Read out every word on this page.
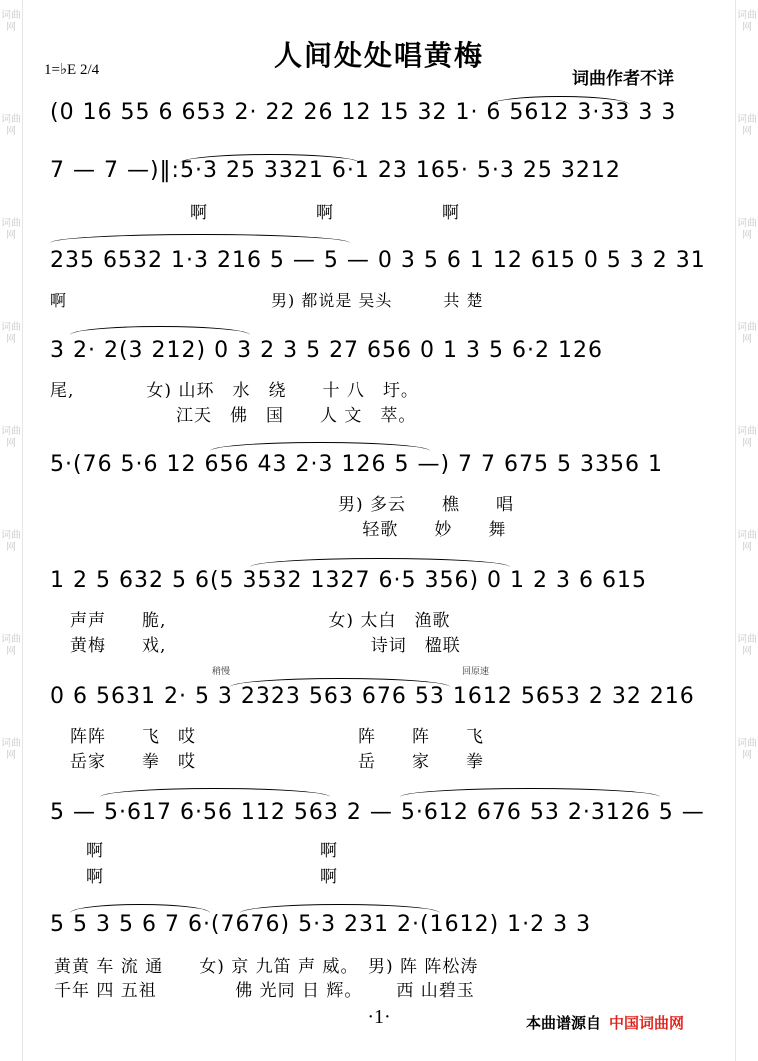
词曲网
词曲网
词曲网
词曲网
词曲网
词曲网
词曲网
词曲网
词曲网
词曲网
词曲网
词曲网
词曲网
词曲网
词曲网
词曲网
人间处处唱黄梅
1=♭E 2/4	词曲作者不详
(0 16 55 6 653 2· 22 26 12 15 32 1· 6 5612 3·33 3 3
7 — 7 —)‖:5·3 25 3321 6·1 23 165· 5·3 25 3212
啊　　　　　　啊　　　　　　啊
235 6532 1·3 216 5 — 5 — 0 3 5 6 1 12 615 0 5 3 2 31
啊　　　　　　　　　　　　男) 都说是 吴头　　　共 楚
3 2· 2(3 212) 0 3 2 3 5 27 656 0 1 3 5 6·2 126
尾,　　　　女) 山环　水　绕　　十 八　圩。
　　　　　　　江天　佛　国　　人 文　萃。
5·(76 5·6 12 656 43 2·3 126 5 —) 7 7 675 5 3356 1
　　　　　　　　　　　　　　　　男) 多云　　樵　　唱
　　　　　　　　　　　　　　　　　 轻歌　　妙　　舞
1 2 5 632 5 6(5 3532 1327 6·5 356) 0 1 2 3 6 615
声声　　脆,　　　　　　　　　女) 太白　渔歌
黄梅　　戏,　　　　　　　　　　　 诗词　楹联
稍慢	回原速
0 6 5631 2· 5 3 2323 563 676 53 1612 5653 2 32 216
阵阵　　飞　哎　　　　　　　　　阵　　阵　　飞
岳家　　拳　哎　　　　　　　　　岳　　家　　拳
5 — 5·617 6·56 112 563 2 — 5·612 676 53 2·3126 5 —
　　啊　　　　　　　　　　　　啊
　　啊　　　　　　　　　　　　啊
5 5 3 5 6 7 6·(7676) 5·3 231 2·(1612) 1·2 3 3
黄黄 车 流 通　　女) 京 九笛 声 威。　男) 阵 阵松涛
千年 四 五祖　　　　 佛 光同 日 辉。　　 西 山碧玉
·1·	本曲谱源自 中国词曲网
